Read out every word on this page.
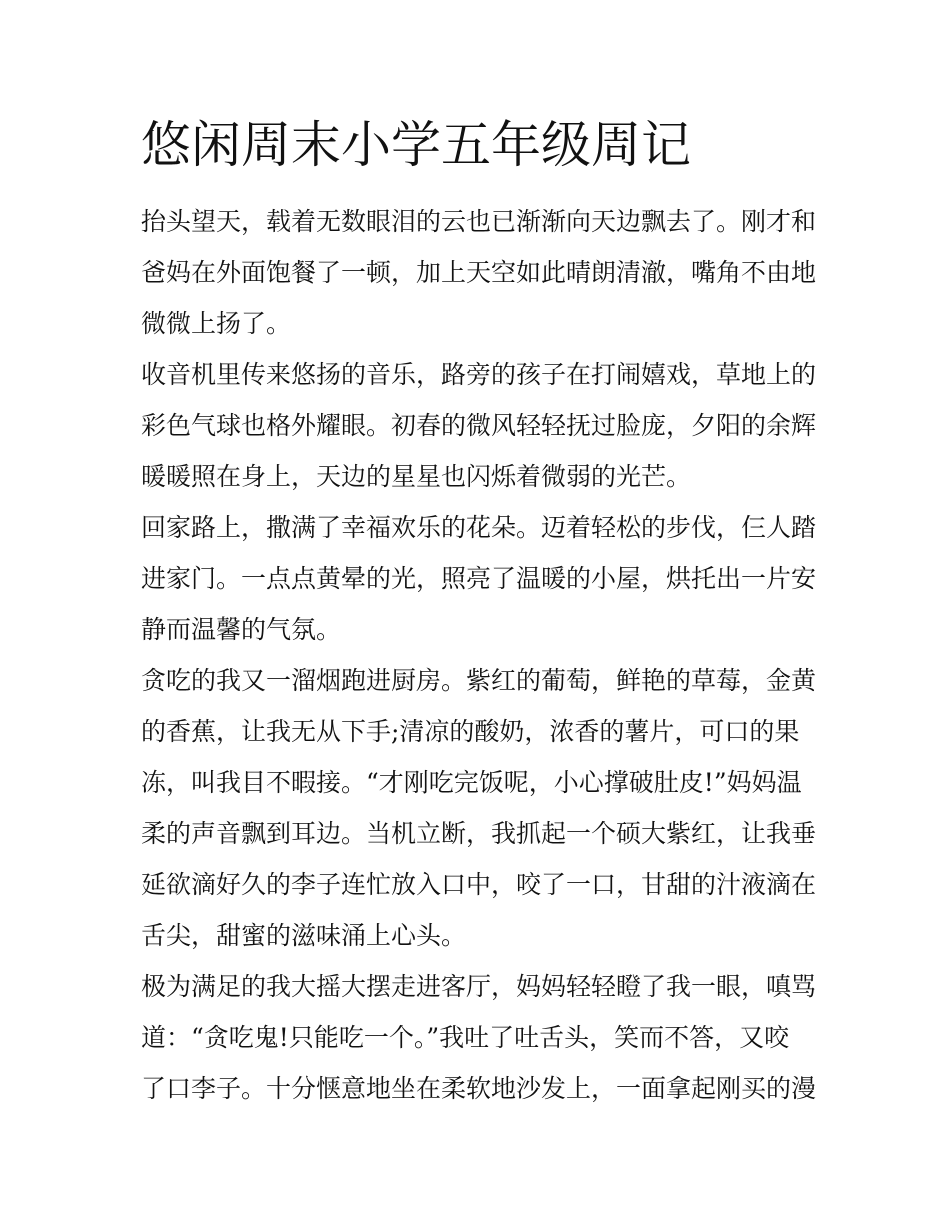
悠闲周末小学五年级周记
抬头望天，载着无数眼泪的云也已渐渐向天边飘去了。刚才和
爸妈在外面饱餐了一顿，加上天空如此晴朗清澈，嘴角不由地
微微上扬了。
收音机里传来悠扬的音乐，路旁的孩子在打闹嬉戏，草地上的
彩色气球也格外耀眼。初春的微风轻轻抚过脸庞，夕阳的余辉
暖暖照在身上，天边的星星也闪烁着微弱的光芒。
回家路上，撒满了幸福欢乐的花朵。迈着轻松的步伐，仨人踏
进家门。一点点黄晕的光，照亮了温暖的小屋，烘托出一片安
静而温馨的气氛。
贪吃的我又一溜烟跑进厨房。紫红的葡萄，鲜艳的草莓，金黄
的香蕉，让我无从下手;清凉的酸奶，浓香的薯片，可口的果
冻，叫我目不暇接。“才刚吃完饭呢，小心撑破肚皮!”妈妈温
柔的声音飘到耳边。当机立断，我抓起一个硕大紫红，让我垂
延欲滴好久的李子连忙放入口中，咬了一口，甘甜的汁液滴在
舌尖，甜蜜的滋味涌上心头。
极为满足的我大摇大摆走进客厅，妈妈轻轻瞪了我一眼，嗔骂
道：“贪吃鬼!只能吃一个。”我吐了吐舌头，笑而不答，又咬
了口李子。十分惬意地坐在柔软地沙发上，一面拿起刚买的漫
